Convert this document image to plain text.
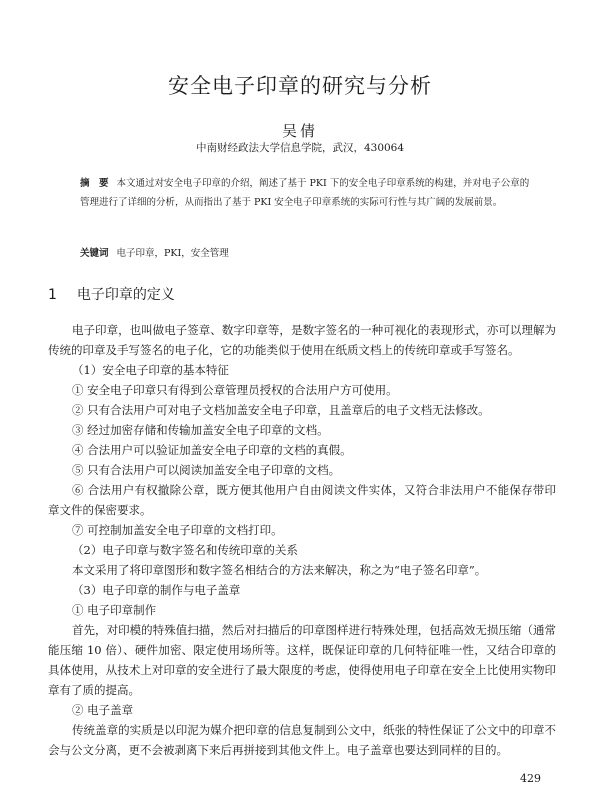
安全电子印章的研究与分析
吴倩
中南财经政法大学信息学院，武汉，430064
摘　要 本文通过对安全电子印章的介绍，阐述了基于 PKI 下的安全电子印章系统的构建，并对电子公章的管理进行了详细的分析，从而指出了基于 PKI 安全电子印章系统的实际可行性与其广阔的发展前景。
关键词 电子印章，PKI，安全管理
1 电子印章的定义

电子印章，也叫做电子签章、数字印章等，是数字签名的一种可视化的表现形式，亦可以理解为传统的印章及手写签名的电子化，它的功能类似于使用在纸质文档上的传统印章或手写签名。

（1）安全电子印章的基本特征

① 安全电子印章只有得到公章管理员授权的合法用户方可使用。

② 只有合法用户可对电子文档加盖安全电子印章，且盖章后的电子文档无法修改。

③ 经过加密存储和传输加盖安全电子印章的文档。

④ 合法用户可以验证加盖安全电子印章的文档的真假。

⑤ 只有合法用户可以阅读加盖安全电子印章的文档。

⑥ 合法用户有权撤除公章，既方便其他用户自由阅读文件实体，又符合非法用户不能保存带印章文件的保密要求。

⑦ 可控制加盖安全电子印章的文档打印。

（2）电子印章与数字签名和传统印章的关系

本文采用了将印章图形和数字签名相结合的方法来解决，称之为“电子签名印章”。

（3）电子印章的制作与电子盖章

① 电子印章制作

首先，对印模的特殊值扫描，然后对扫描后的印章图样进行特殊处理，包括高效无损压缩（通常能压缩 10 倍）、硬件加密、限定使用场所等。这样，既保证印章的几何特征唯一性，又结合印章的具体使用，从技术上对印章的安全进行了最大限度的考虑，使得使用电子印章在安全上比使用实物印章有了质的提高。

② 电子盖章

传统盖章的实质是以印泥为媒介把印章的信息复制到公文中，纸张的特性保证了公文中的印章不会与公文分离，更不会被剥离下来后再拼接到其他文件上。电子盖章也要达到同样的目的。

429
